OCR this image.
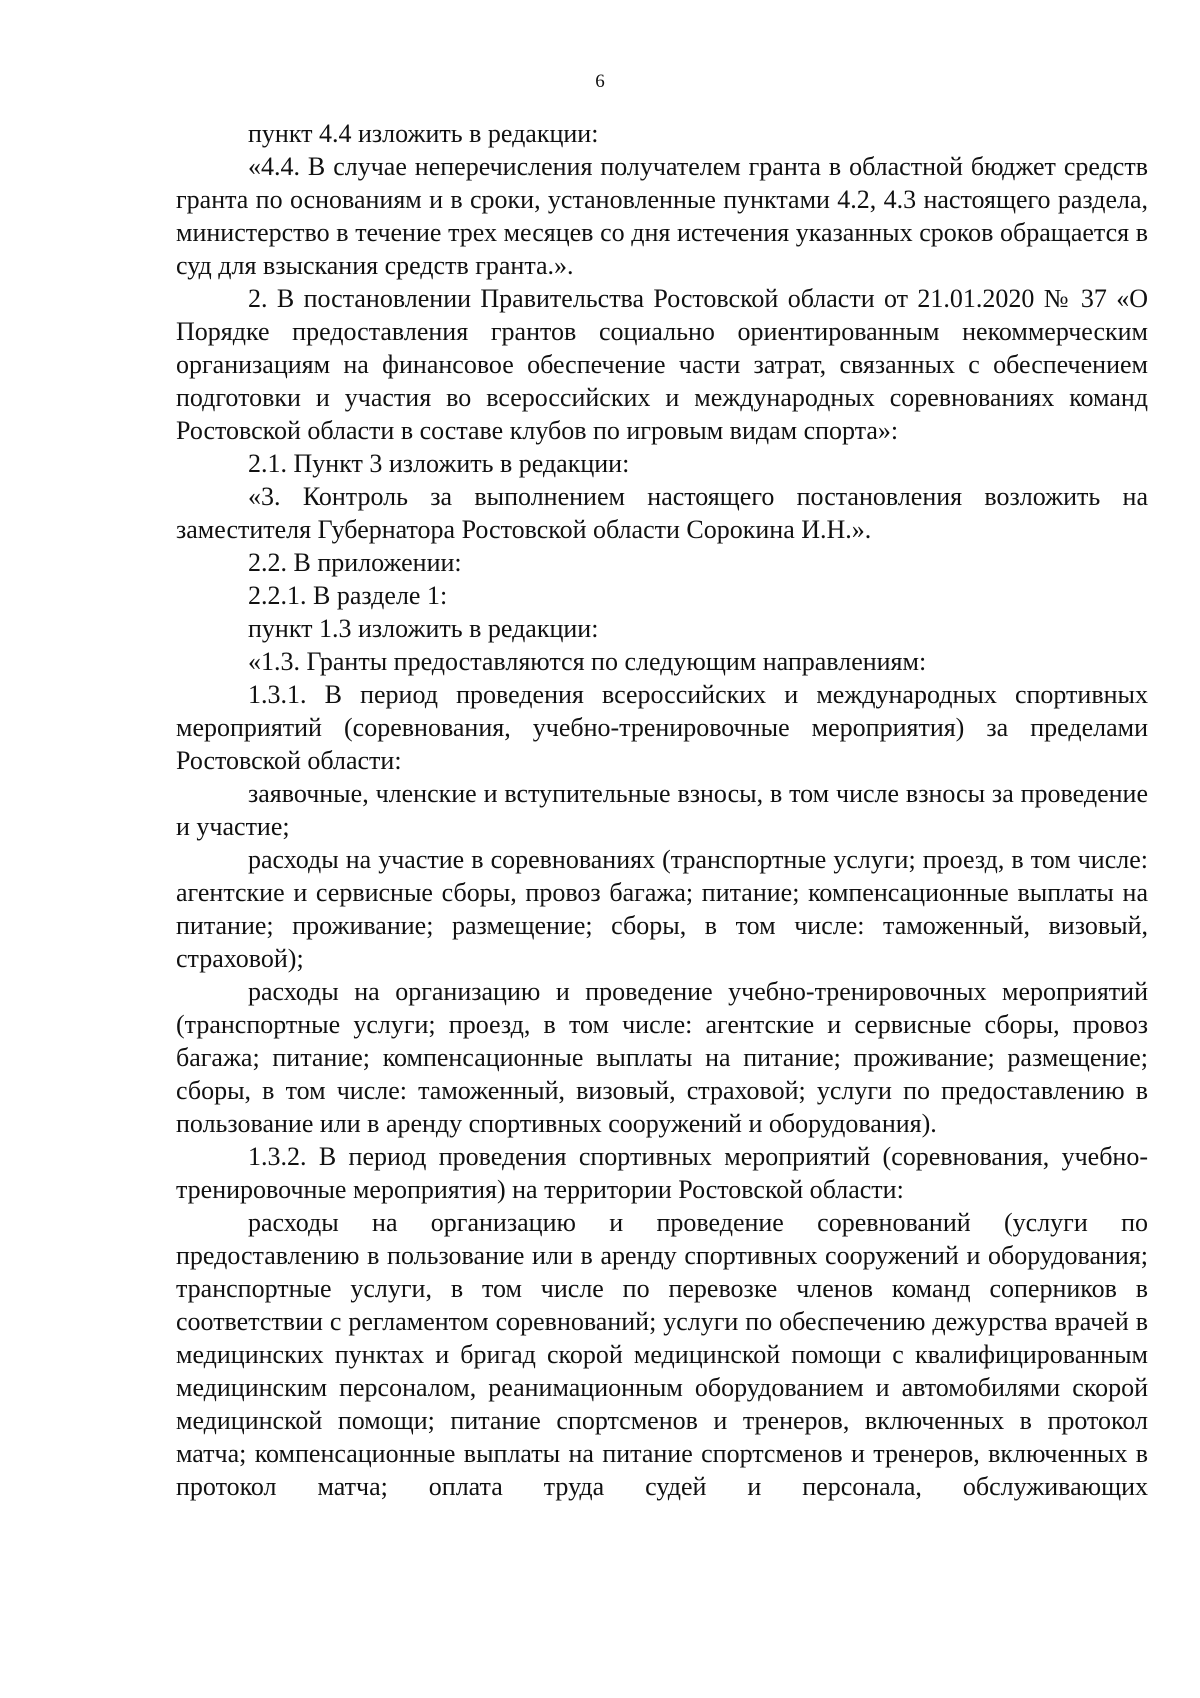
6

пункт 4.4 изложить в редакции:

«4.4. В случае неперечисления получателем гранта в областной бюджет средств гранта по основаниям и в сроки, установленные пунктами 4.2, 4.3 настоящего раздела, министерство в течение трех месяцев со дня истечения указанных сроков обращается в суд для взыскания средств гранта.».

2. В постановлении Правительства Ростовской области от 21.01.2020 № 37 «О Порядке предоставления грантов социально ориентированным некоммерческим организациям на финансовое обеспечение части затрат, связанных с обеспечением подготовки и участия во всероссийских и международных соревнованиях команд Ростовской области в составе клубов по игровым видам спорта»:

2.1. Пункт 3 изложить в редакции:

«3. Контроль за выполнением настоящего постановления возложить на заместителя Губернатора Ростовской области Сорокина И.Н.».

2.2. В приложении:

2.2.1. В разделе 1:

пункт 1.3 изложить в редакции:

«1.3. Гранты предоставляются по следующим направлениям:

1.3.1. В период проведения всероссийских и международных спортивных мероприятий (соревнования, учебно-тренировочные мероприятия) за пределами Ростовской области:

заявочные, членские и вступительные взносы, в том числе взносы за проведение и участие;

расходы на участие в соревнованиях (транспортные услуги; проезд, в том числе: агентские и сервисные сборы, провоз багажа; питание; компенсационные выплаты на питание; проживание; размещение; сборы, в том числе: таможенный, визовый, страховой);

расходы на организацию и проведение учебно-тренировочных мероприятий (транспортные услуги; проезд, в том числе: агентские и сервисные сборы, провоз багажа; питание; компенсационные выплаты на питание; проживание; размещение; сборы, в том числе: таможенный, визовый, страховой; услуги по предоставлению в пользование или в аренду спортивных сооружений и оборудования).

1.3.2. В период проведения спортивных мероприятий (соревнования, учебно-тренировочные мероприятия) на территории Ростовской области:

расходы на организацию и проведение соревнований (услуги по предоставлению в пользование или в аренду спортивных сооружений и оборудования; транспортные услуги, в том числе по перевозке членов команд соперников в соответствии с регламентом соревнований; услуги по обеспечению дежурства врачей в медицинских пунктах и бригад скорой медицинской помощи с квалифицированным медицинским персоналом, реанимационным оборудованием и автомобилями скорой медицинской помощи; питание спортсменов и тренеров, включенных в протокол матча; компенсационные выплаты на питание спортсменов и тренеров, включенных в протокол матча; оплата труда судей и персонала, обслуживающих
